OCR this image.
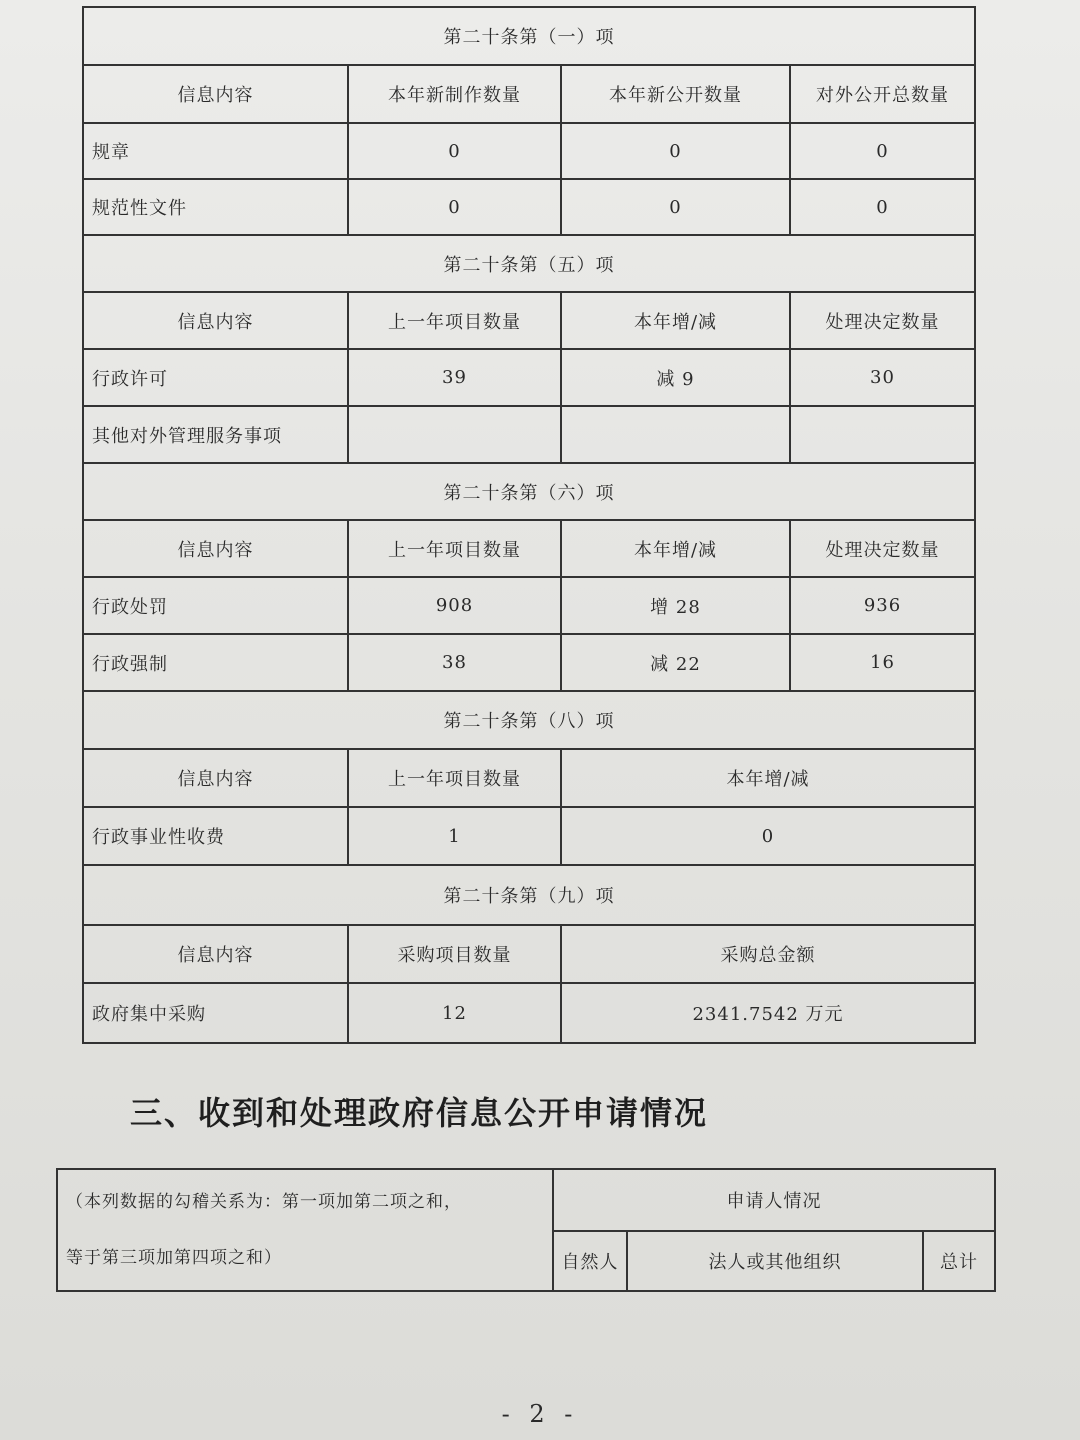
第二十条第（一）项			
信息内容	本年新制作数量	本年新公开数量	对外公开总数量
规章	0	0	0
规范性文件	0	0	0
第二十条第（五）项			
信息内容	上一年项目数量	本年增/减	处理决定数量
行政许可	39	减 9	30
其他对外管理服务事项			
第二十条第（六）项			
信息内容	上一年项目数量	本年增/减	处理决定数量
行政处罚	908	增 28	936
行政强制	38	减 22	16
第二十条第（八）项			
信息内容	上一年项目数量	本年增/减	
行政事业性收费	1	0	
第二十条第（九）项			
信息内容	采购项目数量	采购总金额	
政府集中采购	12	2341.7542 万元	
三、收到和处理政府信息公开申请情况
（本列数据的勾稽关系为：第一项加第二项之和，
等于第三项加第四项之和）	申请人情况		
	自然人	法人或其他组织	总计
- 2 -
